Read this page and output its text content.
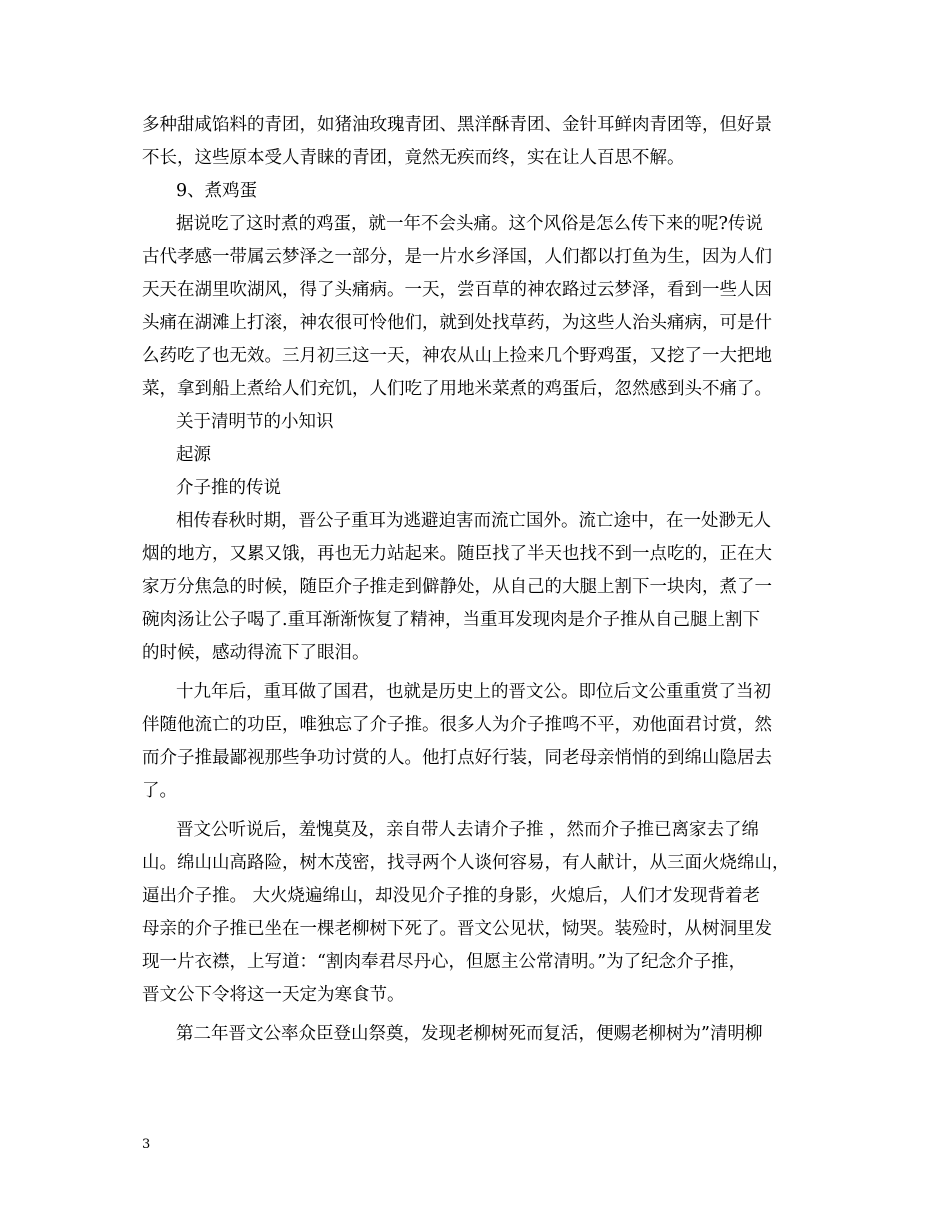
多种甜咸馅料的青团，如猪油玫瑰青团、黑洋酥青团、金针耳鲜肉青团等，但好景
不长，这些原本受人青睐的青团，竟然无疾而终，实在让人百思不解。
9、煮鸡蛋
据说吃了这时煮的鸡蛋，就一年不会头痛。这个风俗是怎么传下来的呢?传说
古代孝感一带属云梦泽之一部分，是一片水乡泽国，人们都以打鱼为生，因为人们
天天在湖里吹湖风，得了头痛病。一天，尝百草的神农路过云梦泽，看到一些人因
头痛在湖滩上打滚，神农很可怜他们，就到处找草药，为这些人治头痛病，可是什
么药吃了也无效。三月初三这一天，神农从山上捡来几个野鸡蛋，又挖了一大把地
菜，拿到船上煮给人们充饥，人们吃了用地米菜煮的鸡蛋后，忽然感到头不痛了。
关于清明节的小知识
起源
介子推的传说
相传春秋时期，晋公子重耳为逃避迫害而流亡国外。流亡途中，在一处渺无人
烟的地方，又累又饿，再也无力站起来。随臣找了半天也找不到一点吃的，正在大
家万分焦急的时候，随臣介子推走到僻静处，从自己的大腿上割下一块肉，煮了一
碗肉汤让公子喝了.重耳渐渐恢复了精神，当重耳发现肉是介子推从自己腿上割下
的时候，感动得流下了眼泪。
十九年后，重耳做了国君，也就是历史上的晋文公。即位后文公重重赏了当初
伴随他流亡的功臣，唯独忘了介子推。很多人为介子推鸣不平，劝他面君讨赏，然
而介子推最鄙视那些争功讨赏的人。他打点好行装，同老母亲悄悄的到绵山隐居去
了。
晋文公听说后，羞愧莫及，亲自带人去请介子推 ，然而介子推已离家去了绵
山。绵山山高路险，树木茂密，找寻两个人谈何容易，有人献计，从三面火烧绵山，
逼出介子推。 大火烧遍绵山，却没见介子推的身影，火熄后，人们才发现背着老
母亲的介子推已坐在一棵老柳树下死了。晋文公见状，恸哭。装殓时，从树洞里发
现一片衣襟，上写道：“割肉奉君尽丹心，但愿主公常清明。”为了纪念介子推，
晋文公下令将这一天定为寒食节。
第二年晋文公率众臣登山祭奠，发现老柳树死而复活，便赐老柳树为”清明柳
3
